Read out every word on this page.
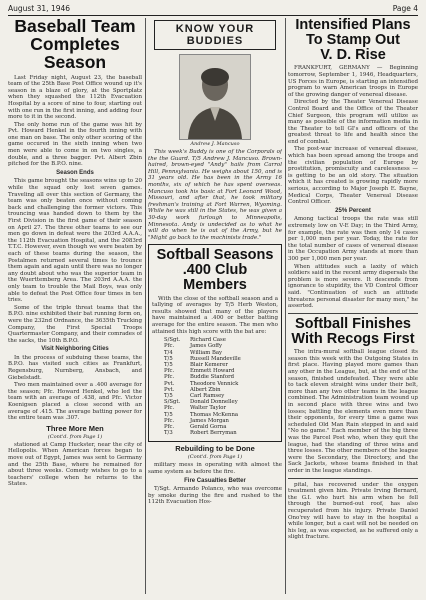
August 31, 1946	Page 4
Baseball Team
Completes
Season

Last Friday night, August 23, the baseball team of the 25th Base Post Office wound up it's season in a blaze of glory, at the Sportplatz when they squashed the 112th Evacuation Hospital by a score of nine to four, starting out with one run in the first inning, and adding four more to it in the second.

The only home run of the game was hit by Pvt. Howard Henkel in the fourth inning with one man on base. The only other scoring of the game occured in the sixth inning when two men were able to come in on two singles, a double, and a three bagger. Pvt. Albert Zbin pitched for the B.P.O. nine.

Season Ends

This game brought the seasons wins up to 20 while the squad only lost seven games. Traveling all over this section of Germany, the team was only beaten once without coming back and challenging the former victors. This trouncing was handed down to them by the First Division in the first game of their season on April 27. The three other teams to see our men go down in defeat were the 203rd A.A.A., the 112th Evacuation Hospital, and the 2083rd T.T.C. However, even though we were beaten by each of these teams during the season, the Postalmen returned several times to trounce them again and again until there was no longer any doubt about who was the superior team in the Wuerttemberg Area. The 203rd A.A.A. the only team to trouble the Mail Boys, was only able to defeat the Post Office four times in ten tries.

Some of the triple threat teams that the B.P.O. nine exhibited their bat running form on, were the 232nd Ordnance, the 3635th Trucking Company, the First Special Troops Quartermaster Company, and their comrades of the sacks, the 10th B.P.O.

Visit Neighboring Cities

In the process of subduing these teams, the B.P.O. has visited such cities as Frankfurt, Regensburg, Nurnberg, Ansbach, and Giebelstadt.

Two men maintained over a .400 average for the season; Pfc. Howard Henkel, who led the team with an average of .438, and Pfc. Victor Koenigsen placed a close second with an average of .415. The average batting power for the entire team was .307.

Three More Men
(Cont'd. from Page 1)

stationed at Camp Huckster, near the city of Hellopolis. When American forces began to move out of Egypt, James was sent to Germany and the 25th Base, where he remained for about three weeks. Comedy wishes to go to a teachers' college when he returns to the States.

KNOW YOUR
BUDDIES
Andrew J. Mancuso

This week's Buddy is one of the Corporals of the the Guard. T/5 Andrew J. Mancuso. Brown-haired, brown-eyed "Andy" hails from Carrol Hill, Pennsylvania. He weighs about 150, and is 31 years old. He has been in the Army 16 months, six of which he has spent overseas. Mancuso took his basic at Fort Leonard Wood, Missouri, and after that, he took military freshman's training at Fort Warren, Wyoming. While he was still in the States, he was given a 30-day work furlough to Minneapolis, Minnesota. Andy is undecided as to what he will do when he is out of the Army, but he "Might go back to the machinists trade."

Softball Seasons
.400 Club Members

With the close of the softball season and a tallying of averages by T/5 Herb Weston, results showed that many of the players have maintained a .400 or better batting average for the entire season. The men who attained this high score with the bat are:

S/Sgt.	Richard Case
Pfc.	James Goffy
T/4	William Bay
T/5	Russell Mandeville
T/5	Blair Kemerer
Pfc.	Emmett Howard
Pfc.	Buddie Stanford
Pvt.	Theodore Vennick
Pvt.	Albert Zbin
T/5	Carl Ramsey
S/Sgt.	Donald Donnelley
Pfc.	Walter Taylor
T/5	Thomas McKenna
Pfc.	James Morgan
Pfc.	Gerald Gorna
T/3	Robert Berryman
Rebuilding to be Done
(Cont'd. from Page 1)

military mess in operating with almost the same system as before the fire.

Fire Casualties Better

T/Sgt. Armando Polanco, who was overcome by smoke during the fire and rushed to the 112th Evacuation Hos-

Intensified Plans
To Stamp Out
V. D. Rise

FRANKFURT, GERMANY — Beginning tomorrow, September 1, 1946, Headquarters, US Forces in Europe, is starting an intensified program to warn American troops in Europe of the growing danger of venereal disease.

Directed by the Theater Venereal Disease Control Board and the Office of the Theater Chief Surgeon, this program will utilize as many as possible of the information media in the Theater to tell GI's and officers of the greatest threat to life and health since the end of combat.

The post-war increase of venereal disease, which has been spread among the troops and the civilian population of Europe by prostitution, promiscuity and carelessness — is getting to be an old story. The situation which it has created is growing rapidly more serious, according to Major Joseph E. Bayne, Medical Corps, Theater Venereal Disease Control Officer.

25% Percent

Among tactical troops the rate was still extremely low on V-E Day; in the Third Army, for example, the rate was then only 14 cases per 1,000 men per year. Today, the rate for the total number of cases of venereal disease in the Occupation Army stands at more than 300 per 1,000 men per year.

When attitudes such a laxity of which soldiers said in the recent army dispersals the problem is more severe. It descends from ignorance to stupidity, the VD Control Officer said. "Continuation of such an attitude threatens personal disaster for many men," he asserted.

Softball Finishes
With Recogs First

The intra-mural softball league closed its season this week with the Outgoing States in first place. Having played more games than any other in the League, but, at the end of the season, finished undefeated. They were able to tack eleven straight wins under their belt, more than any two other teams in the league combined. The Administration team wound up in second place with three wins and two losses; battling the elements even more than their opponents, for every time a game was scheduled Old Man Rain stepped in and said "No no game." Each member of the big three was the Parcel Post who, when they quit the league, had the standing of three wins and three losses. The other members of the league were the Secondary, the Directory, and the Sack Jackets, whose teams finished in that order in the league standings.

pital, has recovered under the oxygen treatment given him. Private Irving Bernard, the G.I. who hurt his arm when he fell through the burned-out roof, has also recuperated from his injury. Private Daniel Ono'rey will have to stay in the hospital a while longer, but a cast will not be needed on his leg, as was expected, as he suffered only a slight fracture.
